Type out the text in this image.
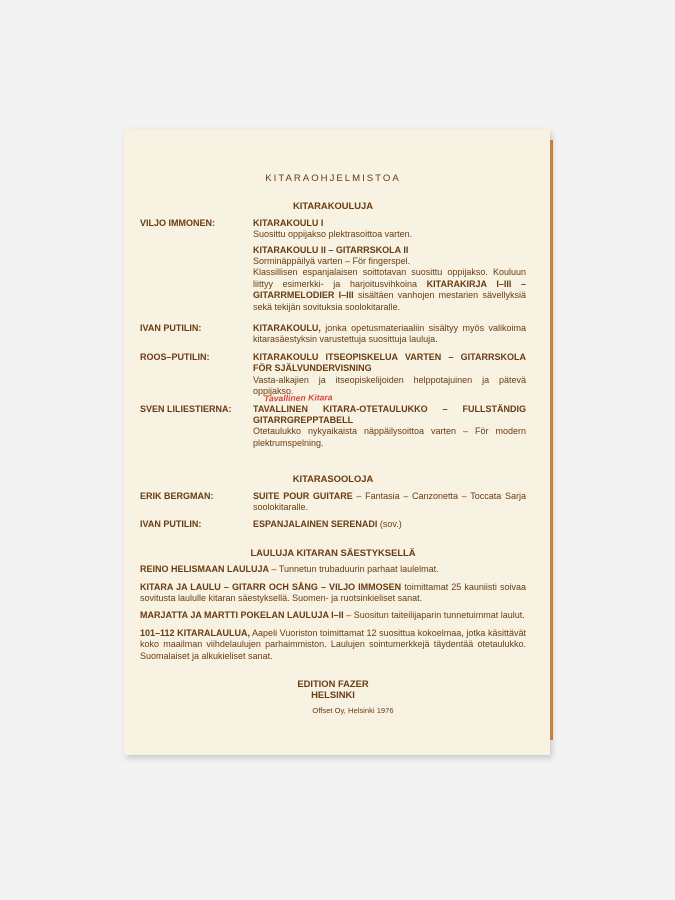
KITARAOHJELMISTOA
KITARAKOULUJA
VILJO IMMONEN:	KITARAKOULU I
Suosittu oppijakso plektrasoittoa varten.
KITARAKOULU II – GITARRSKOLA II
Sorminäppäilyä varten – För fingerspel.
Klassillisen espanjalaisen soittotavan suosittu oppijakso. Kouluun liittyy esimerkki- ja harjoitusvihkoina KITARAKIRJA I–III – GITARRMELODIER I–III sisältäen vanhojen mestarien sävellyksiä sekä tekijän sovituksia soolokitaralle.
IVAN PUTILIN:	KITARAKOULU, jonka opetusmateriaaliin sisältyy myös valikoima kitarasäestyksin varustettuja suosittuja lauluja.
ROOS–PUTILIN:	KITARAKOULU ITSEOPISKELUA VARTEN – GITARRSKOLA FÖR SJÄLVUNDERVISNING
Vasta-alkajien ja itseopiskelijoiden helppotajuinen ja pätevä oppijakso.
SVEN LILIESTIERNA:	TAVALLINEN KITARA-OTETAULUKKO – FULLSTÄNDIG GITARRGREPPTABELL
Otetaulukko nykyaikaista näppäilysoittoa varten – För modern plektrumspelning.
KITARASOOLOJA
ERIK BERGMAN:	SUITE POUR GUITARE – Fantasia – Canzonetta – Toccata Sarja soolokitaralle.
IVAN PUTILIN:	ESPANJALAINEN SERENADI (sov.)
LAULUJA KITARAN SÄESTYKSELLÄ
REINO HELISMAAN LAULUJA – Tunnetun trubaduurin parhaat laulelmat.
KITARA JA LAULU – GITARR OCH SÅNG – VILJO IMMOSEN toimittamat 25 kauniisti soivaa sovitusta laululle kitaran säestyksellä. Suomen- ja ruotsinkieliset sanat.
MARJATTA JA MARTTI POKELAN LAULUJA I–II – Suositun taiteilijaparin tunnetuimmat laulut.
101–112 KITARALAULUA, Aapeli Vuoriston toimittamat 12 suosittua kokoelmaa, jotka käsittävät koko maailman viihdelaulujen parhaimmiston. Laulujen sointumerkkejä täydentää otetaulukko. Suomalaiset ja alkukieliset sanat.
EDITION FAZER
HELSINKI
Offset Oy, Helsinki 1976
Tavallinen Kitara
